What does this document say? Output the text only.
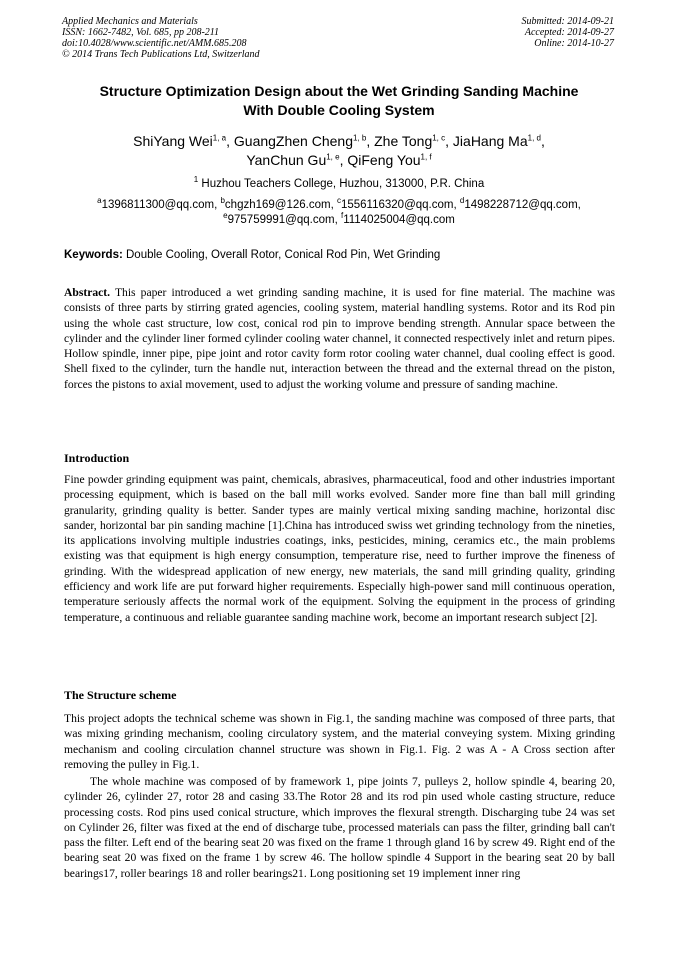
Applied Mechanics and Materials
ISSN: 1662-7482, Vol. 685, pp 208-211
doi:10.4028/www.scientific.net/AMM.685.208
© 2014 Trans Tech Publications Ltd, Switzerland
Submitted: 2014-09-21
Accepted: 2014-09-27
Online: 2014-10-27
Structure Optimization Design about the Wet Grinding Sanding Machine
With Double Cooling System
ShiYang Wei$^{1, a}$, GuangZhen Cheng$^{1, b}$, Zhe Tong$^{1, c}$, JiaHang Ma$^{1, d}$,
YanChun Gu$^{1, e}$, QiFeng You$^{1, f}$
$^1$ Huzhou Teachers College, Huzhou, 313000, P.R. China
$^a$1396811300@qq.com, $^b$chgzh169@126.com, $^c$1556116320@qq.com, $^d$1498228712@qq.com,
$^e$975759991@qq.com, $^f$1114025004@qq.com
Keywords: Double Cooling, Overall Rotor, Conical Rod Pin, Wet Grinding

Abstract. This paper introduced a wet grinding sanding machine, it is used for fine material. The machine was consists of three parts by stirring grated agencies, cooling system, material handling systems. Rotor and its Rod pin using the whole cast structure, low cost, conical rod pin to improve bending strength. Annular space between the cylinder and the cylinder liner formed cylinder cooling water channel, it connected respectively inlet and return pipes. Hollow spindle, inner pipe, pipe joint and rotor cavity form rotor cooling water channel, dual cooling effect is good. Shell fixed to the cylinder, turn the handle nut, interaction between the thread and the external thread on the piston, forces the pistons to axial movement, used to adjust the working volume and pressure of sanding machine.

Introduction

Fine powder grinding equipment was paint, chemicals, abrasives, pharmaceutical, food and other industries important processing equipment, which is based on the ball mill works evolved. Sander more fine than ball mill grinding granularity, grinding quality is better. Sander types are mainly vertical mixing sanding machine, horizontal disc sander, horizontal bar pin sanding machine [1].China has introduced swiss wet grinding technology from the nineties, its applications involving multiple industries coatings, inks, pesticides, mining, ceramics etc., the main problems existing was that equipment is high energy consumption, temperature rise, need to further improve the fineness of grinding. With the widespread application of new energy, new materials, the sand mill grinding quality, grinding efficiency and work life are put forward higher requirements. Especially high-power sand mill continuous operation, temperature seriously affects the normal work of the equipment. Solving the equipment in the process of grinding temperature, a continuous and reliable guarantee sanding machine work, become an important research subject [2].

The Structure scheme

This project adopts the technical scheme was shown in Fig.1, the sanding machine was composed of three parts, that was mixing grinding mechanism, cooling circulatory system, and the material conveying system. Mixing grinding mechanism and cooling circulation channel structure was shown in Fig.1. Fig. 2 was A - A Cross section after removing the pulley in Fig.1.

The whole machine was composed of by framework 1, pipe joints 7, pulleys 2, hollow spindle 4, bearing 20, cylinder 26, cylinder 27, rotor 28 and casing 33.The Rotor 28 and its rod pin used whole casting structure, reduce processing costs. Rod pins used conical structure, which improves the flexural strength. Discharging tube 24 was set on Cylinder 26, filter was fixed at the end of discharge tube, processed materials can pass the filter, grinding ball can't pass the filter. Left end of the bearing seat 20 was fixed on the frame 1 through gland 16 by screw 49. Right end of the bearing seat 20 was fixed on the frame 1 by screw 46. The hollow spindle 4 Support in the bearing seat 20 by ball bearings17, roller bearings 18 and roller bearings21. Long positioning set 19 implement inner ring
